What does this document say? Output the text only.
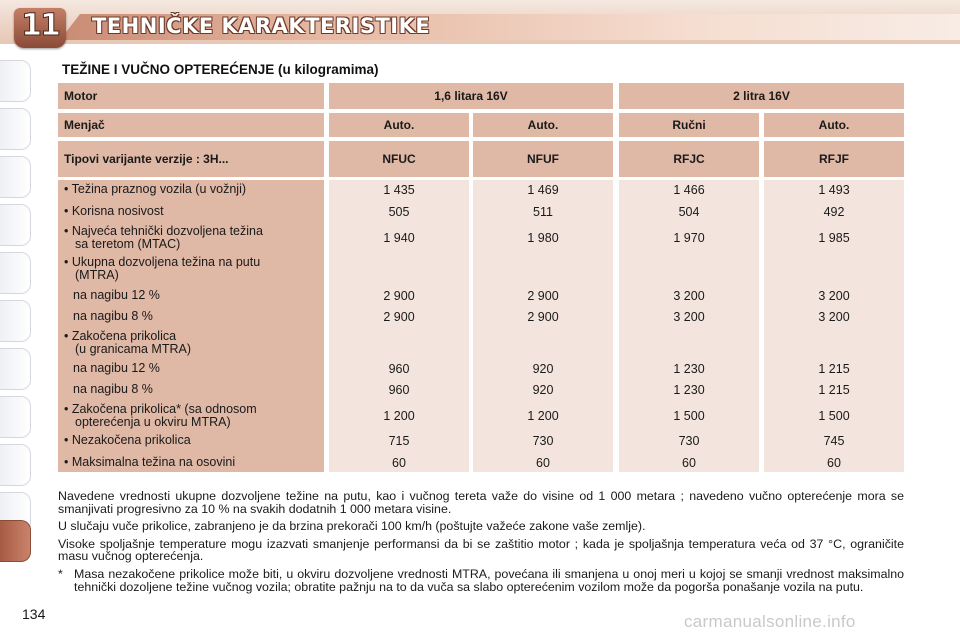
11 TEHNIČKE KARAKTERISTIKE
TEŽINE I VUČNO OPTEREĆENJE (u kilogramima)
Motor	1,6 litara 16V	2 litra 16V
Menjač	Auto.	Auto.	Ručni	Auto.
Tipovi varijante verzije : 3H...	NFUC	NFUF	RFJC	RFJF
• Težina praznog vozila (u vožnji)	1 435	1 469	1 466	1 493
• Korisna nosivost	505	511	504	492
• Najveća tehnički dozvoljena težina
sa teretom (MTAC)	1 940	1 980	1 970	1 985
• Ukupna dozvoljena težina na putu
(MTRA)
na nagibu 12 %	2 900	2 900	3 200	3 200
na nagibu 8 %	2 900	2 900	3 200	3 200
• Zakočena prikolica
(u granicama MTRA)
na nagibu 12 %	960	920	1 230	1 215
na nagibu 8 %	960	920	1 230	1 215
• Zakočena prikolica* (sa odnosom
opterećenja u okviru MTRA)	1 200	1 200	1 500	1 500
• Nezakočena prikolica	715	730	730	745
• Maksimalna težina na osovini	60	60	60	60

Navedene vrednosti ukupne dozvoljene težine na putu, kao i vučnog tereta važe do visine od 1 000 metara ; navedeno vučno opterećenje mora se smanjivati progresivno za 10 % na svakih dodatnih 1 000 metara visine.

U slučaju vuče prikolice, zabranjeno je da brzina prekorači 100 km/h (poštujte važeće zakone vaše zemlje).

Visoke spoljašnje temperature mogu izazvati smanjenje performansi da bi se zaštitio motor ; kada je spoljašnja temperatura veća od 37 °C, ograničite masu vučnog opterećenja.

* Masa nezakočene prikolice može biti, u okviru dozvoljene vrednosti MTRA, povećana ili smanjena u onoj meri u kojoj se smanji vrednost maksimalno tehnički dozoljene težine vučnog vozila; obratite pažnju na to da vuča sa slabo opterećenim vozilom može da pogorša ponašanje vozila na putu.
134	carmanualsonline.info
